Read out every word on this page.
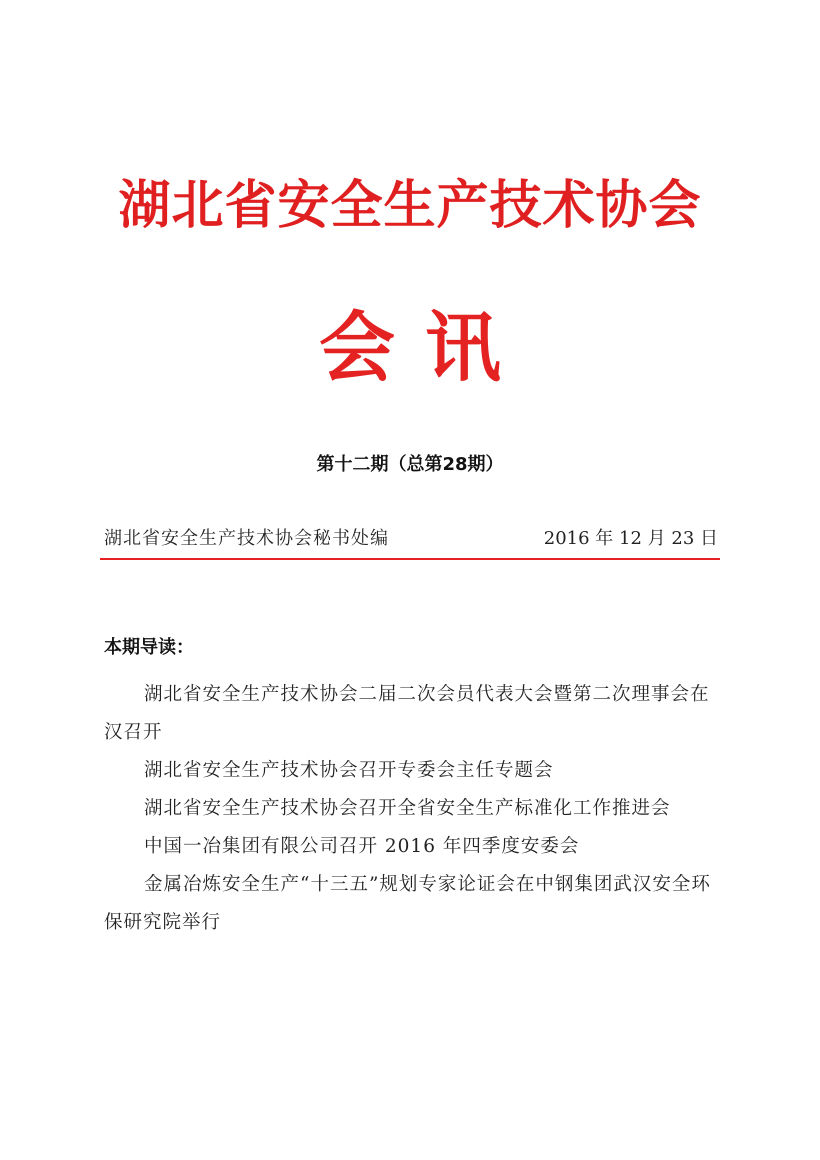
湖北省安全生产技术协会
会讯
第十二期（总第28期）
湖北省安全生产技术协会秘书处编	2016 年 12 月 23 日
本期导读：

湖北省安全生产技术协会二届二次会员代表大会暨第二次理事会在汉召开

湖北省安全生产技术协会召开专委会主任专题会

湖北省安全生产技术协会召开全省安全生产标准化工作推进会

中国一冶集团有限公司召开 2016 年四季度安委会

金属冶炼安全生产“十三五”规划专家论证会在中钢集团武汉安全环保研究院举行
